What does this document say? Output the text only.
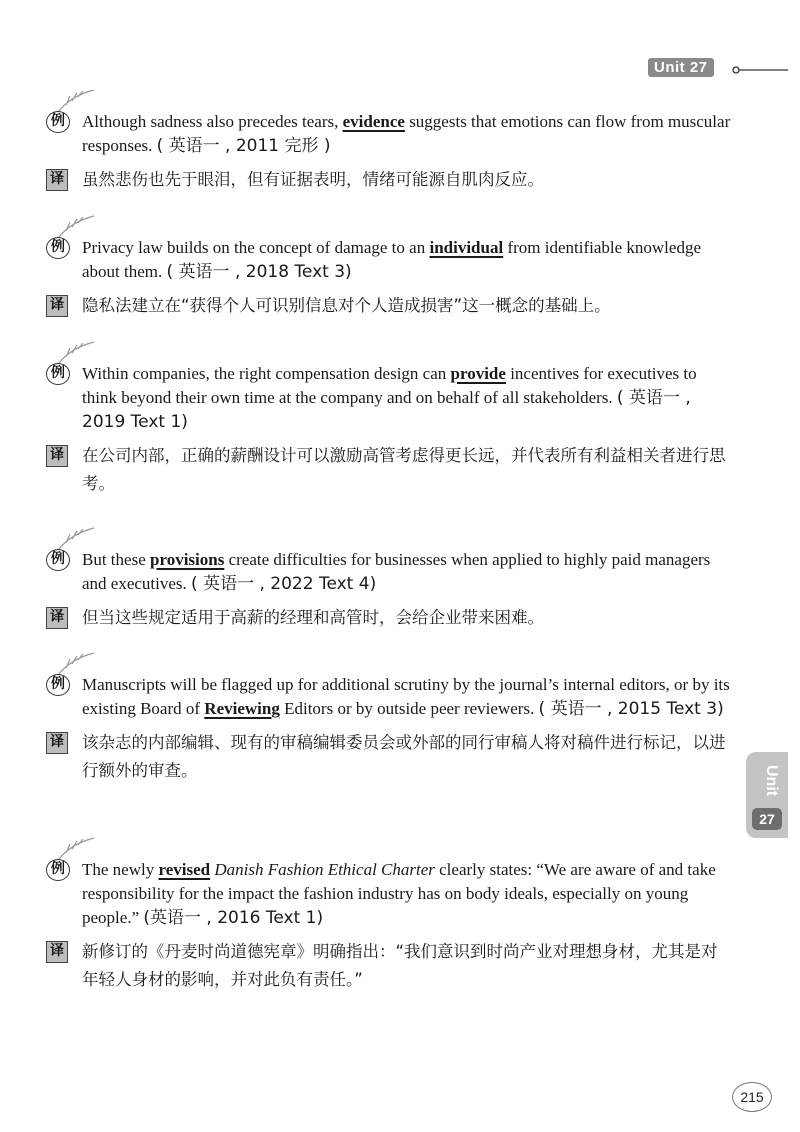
Unit 27
例 Although sadness also precedes tears, evidence suggests that emotions can flow from muscular responses. ( 英语一 , 2011 完形 )

译 虽然悲伤也先于眼泪，但有证据表明，情绪可能源自肌肉反应。

例 Privacy law builds on the concept of damage to an individual from identifiable knowledge about them. ( 英语一 , 2018 Text 3)

译 隐私法建立在“获得个人可识别信息对个人造成损害”这一概念的基础上。

例 Within companies, the right compensation design can provide incentives for executives to think beyond their own time at the company and on behalf of all stakeholders. ( 英语一 , 2019 Text 1)

译 在公司内部，正确的薪酬设计可以激励高管考虑得更长远，并代表所有利益相关者进行思考。

例 But these provisions create difficulties for businesses when applied to highly paid managers and executives. ( 英语一 , 2022 Text 4)

译 但当这些规定适用于高薪的经理和高管时，会给企业带来困难。

例 Manuscripts will be flagged up for additional scrutiny by the journal’s internal editors, or by its existing Board of Reviewing Editors or by outside peer reviewers. ( 英语一 , 2015 Text 3)

译 该杂志的内部编辑、现有的审稿编辑委员会或外部的同行审稿人将对稿件进行标记，以进行额外的审查。

例 The newly revised Danish Fashion Ethical Charter clearly states: “We are aware of and take responsibility for the impact the fashion industry has on body ideals, especially on young people.” (英语一 , 2016 Text 1)

译 新修订的《丹麦时尚道德宪章》明确指出：“我们意识到时尚产业对理想身材，尤其是对年轻人身材的影响，并对此负有责任。”

Unit
27
215
